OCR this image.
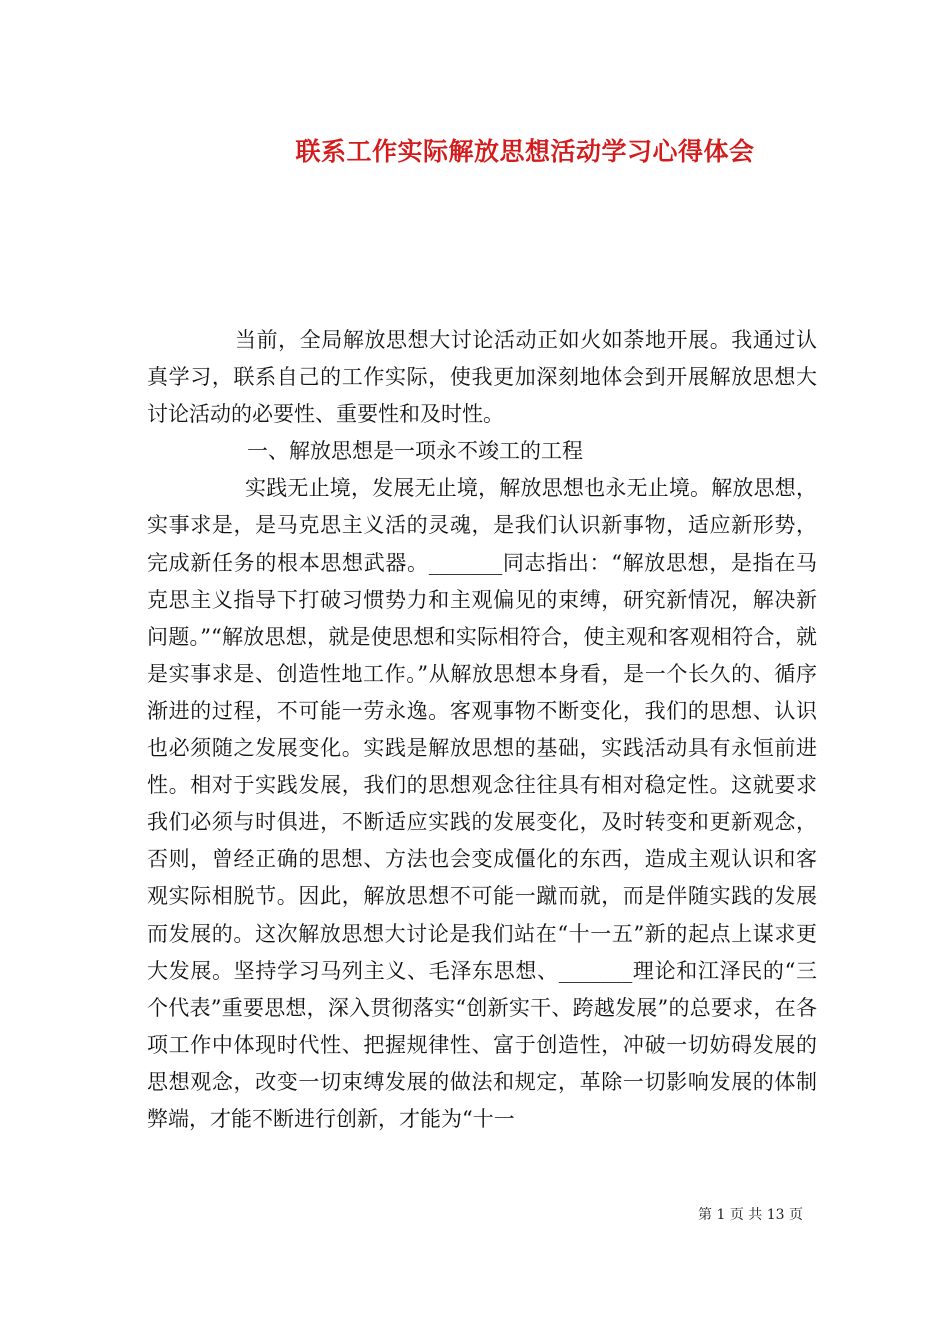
联系工作实际解放思想活动学习心得体会

当前，全局解放思想大讨论活动正如火如荼地开展。我通过认真学习，联系自己的工作实际，使我更加深刻地体会到开展解放思想大讨论活动的必要性、重要性和及时性。

一、解放思想是一项永不竣工的工程

实践无止境，发展无止境，解放思想也永无止境。解放思想，实事求是，是马克思主义活的灵魂，是我们认识新事物，适应新形势，完成新任务的根本思想武器。_______同志指出：“解放思想，是指在马克思主义指导下打破习惯势力和主观偏见的束缚，研究新情况，解决新问题。”“解放思想，就是使思想和实际相符合，使主观和客观相符合，就是实事求是、创造性地工作。”从解放思想本身看，是一个长久的、循序渐进的过程，不可能一劳永逸。客观事物不断变化，我们的思想、认识也必须随之发展变化。实践是解放思想的基础，实践活动具有永恒前进性。相对于实践发展，我们的思想观念往往具有相对稳定性。这就要求我们必须与时俱进，不断适应实践的发展变化，及时转变和更新观念，否则，曾经正确的思想、方法也会变成僵化的东西，造成主观认识和客观实际相脱节。因此，解放思想不可能一蹴而就，而是伴随实践的发展而发展的。这次解放思想大讨论是我们站在“十一五”新的起点上谋求更大发展。坚持学习马列主义、毛泽东思想、_______理论和江泽民的“三个代表”重要思想，深入贯彻落实“创新实干、跨越发展”的总要求，在各项工作中体现时代性、把握规律性、富于创造性，冲破一切妨碍发展的思想观念，改变一切束缚发展的做法和规定，革除一切影响发展的体制弊端，才能不断进行创新，才能为“十一

第 1 页 共 13 页
